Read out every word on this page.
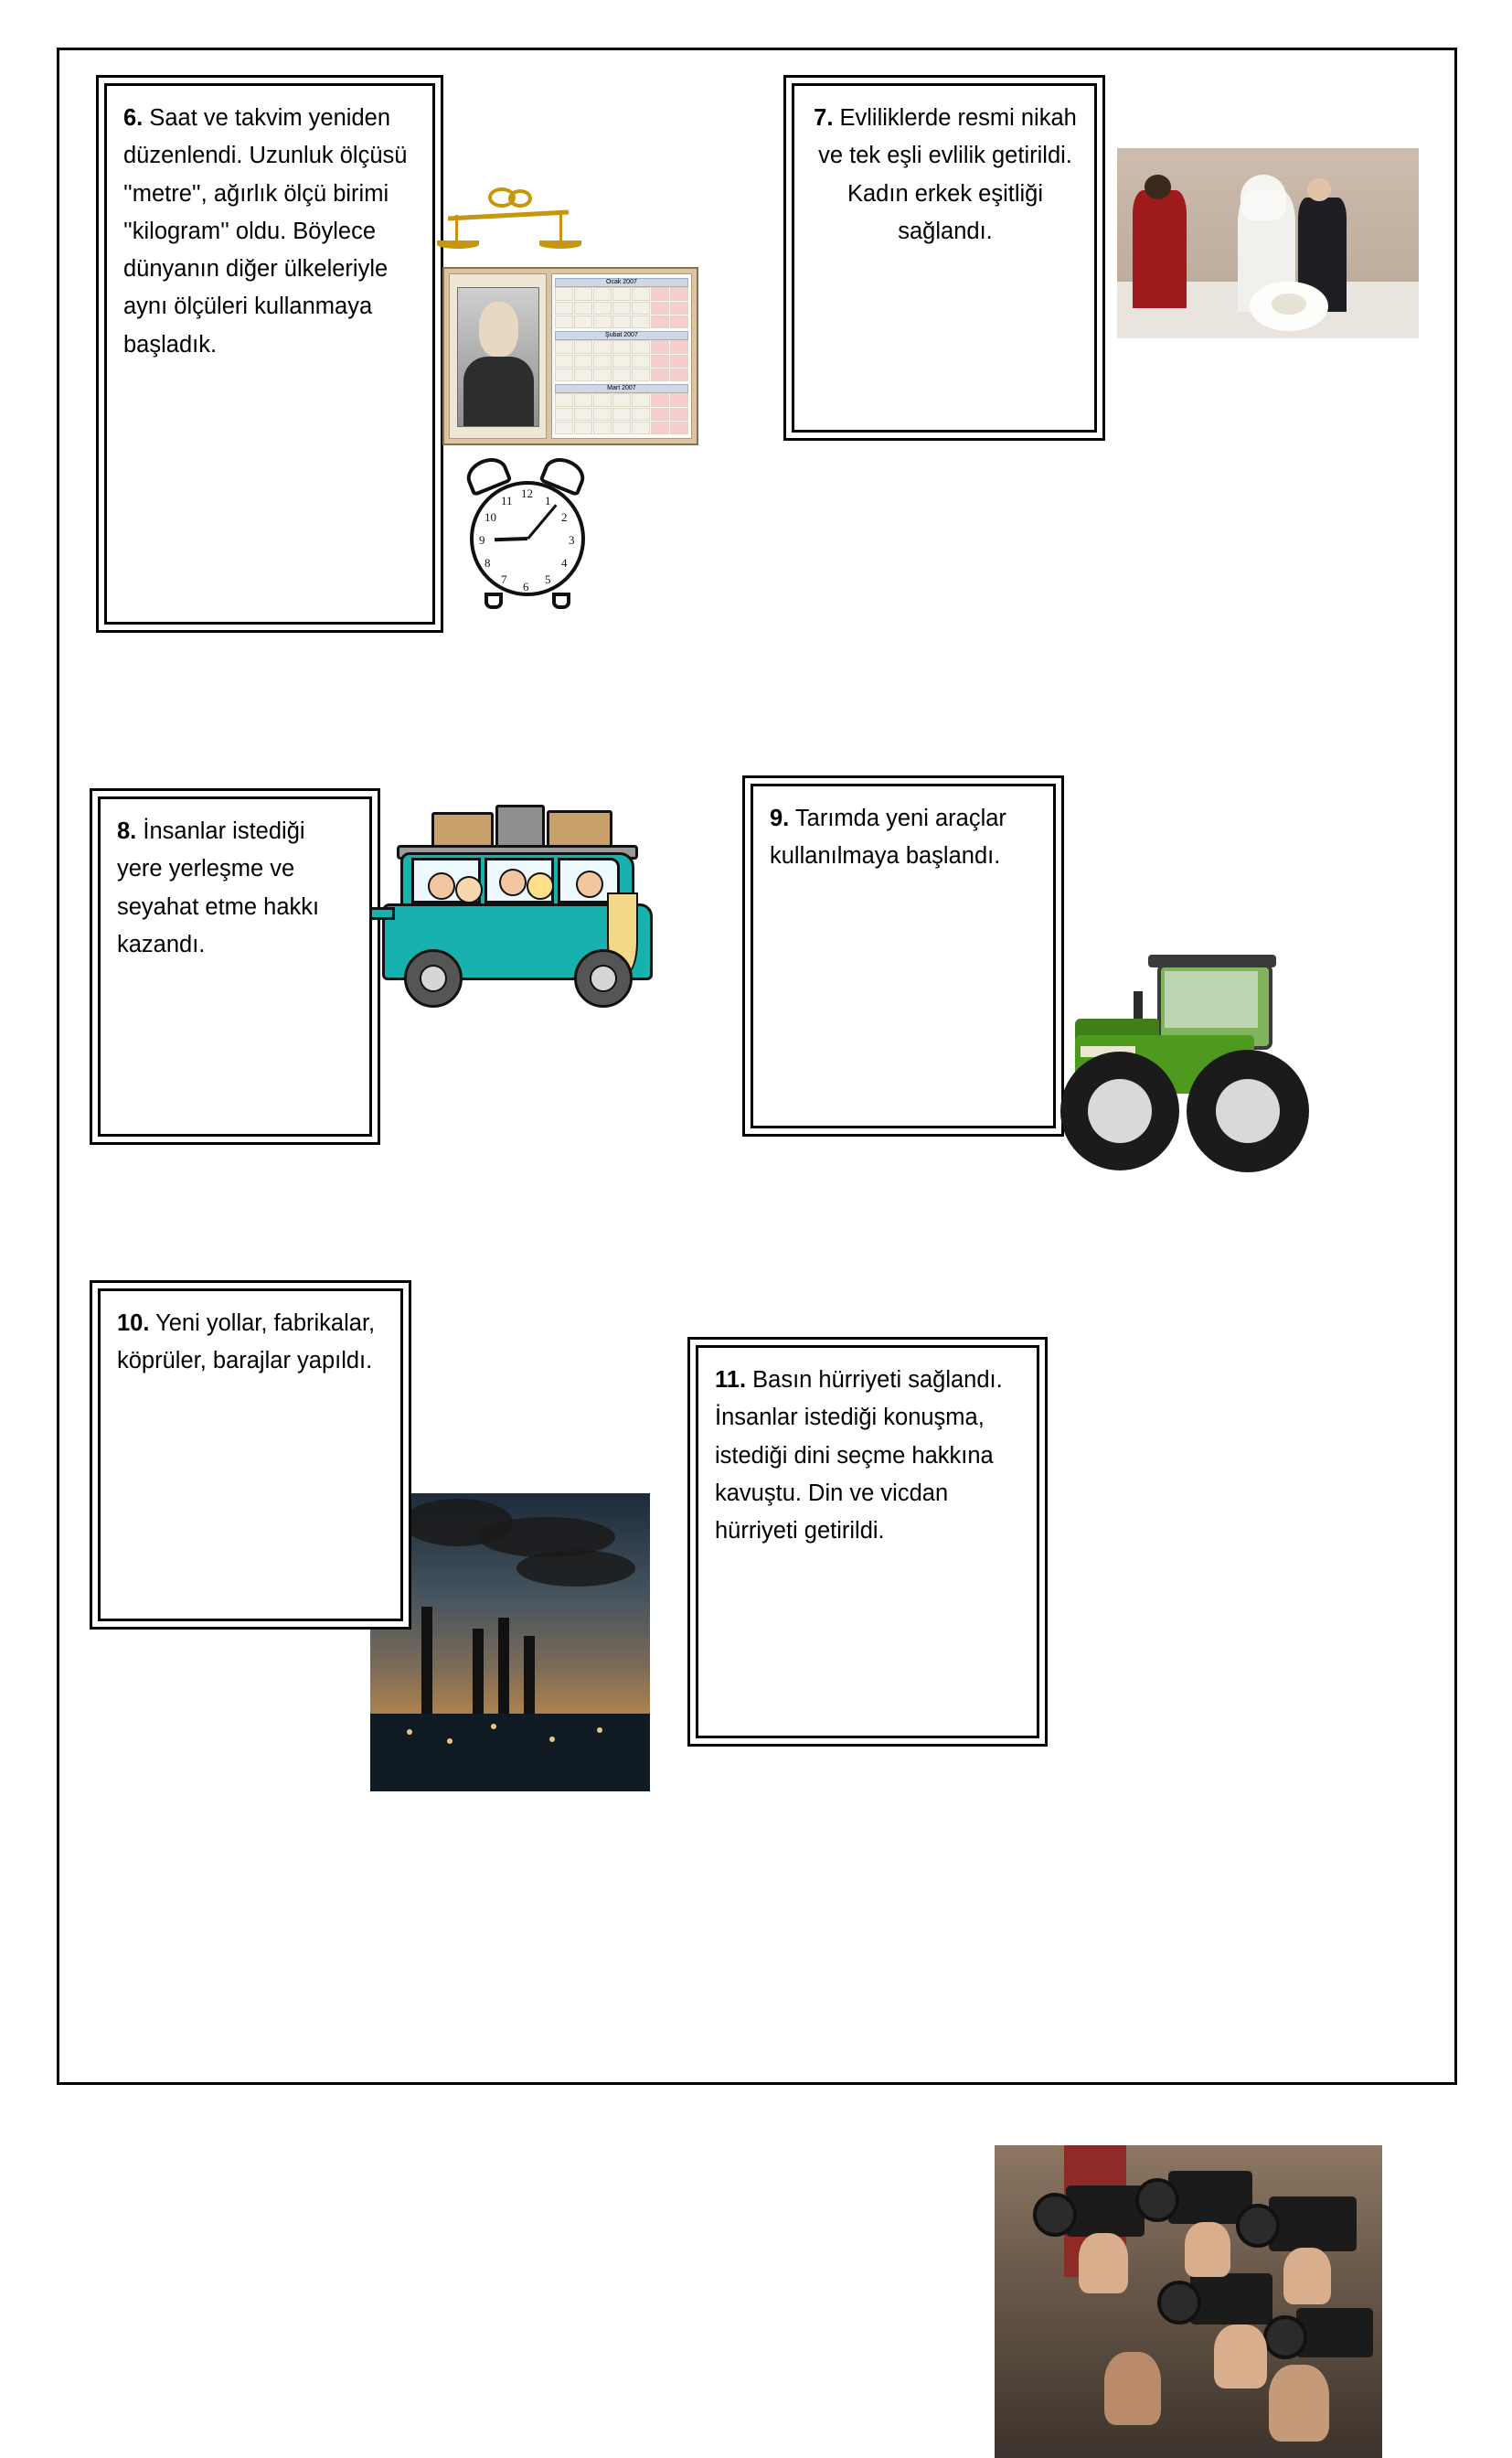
6. Saat ve takvim yeniden düzenlendi. Uzunluk ölçüsü ''metre'', ağırlık ölçü birimi ''kilogram'' oldu. Böylece dünyanın diğer ülkeleriyle aynı ölçüleri kullanmaya başladık.
Ocak 2007
Şubat 2007
Mart 2007
12
1
2
3
4
5
6
7
8
9
10
11
7. Evliliklerde resmi nikah ve tek eşli evlilik getirildi. Kadın erkek eşitliği sağlandı.
8. İnsanlar istediği yere yerleşme ve seyahat etme hakkı kazandı.
9. Tarımda yeni araçlar kullanılmaya başlandı.
10. Yeni yollar, fabrikalar, köprüler, barajlar yapıldı.
11. Basın hürriyeti sağlandı. İnsanlar istediği konuşma, istediği dini seçme hakkına kavuştu. Din ve vicdan hürriyeti getirildi.
